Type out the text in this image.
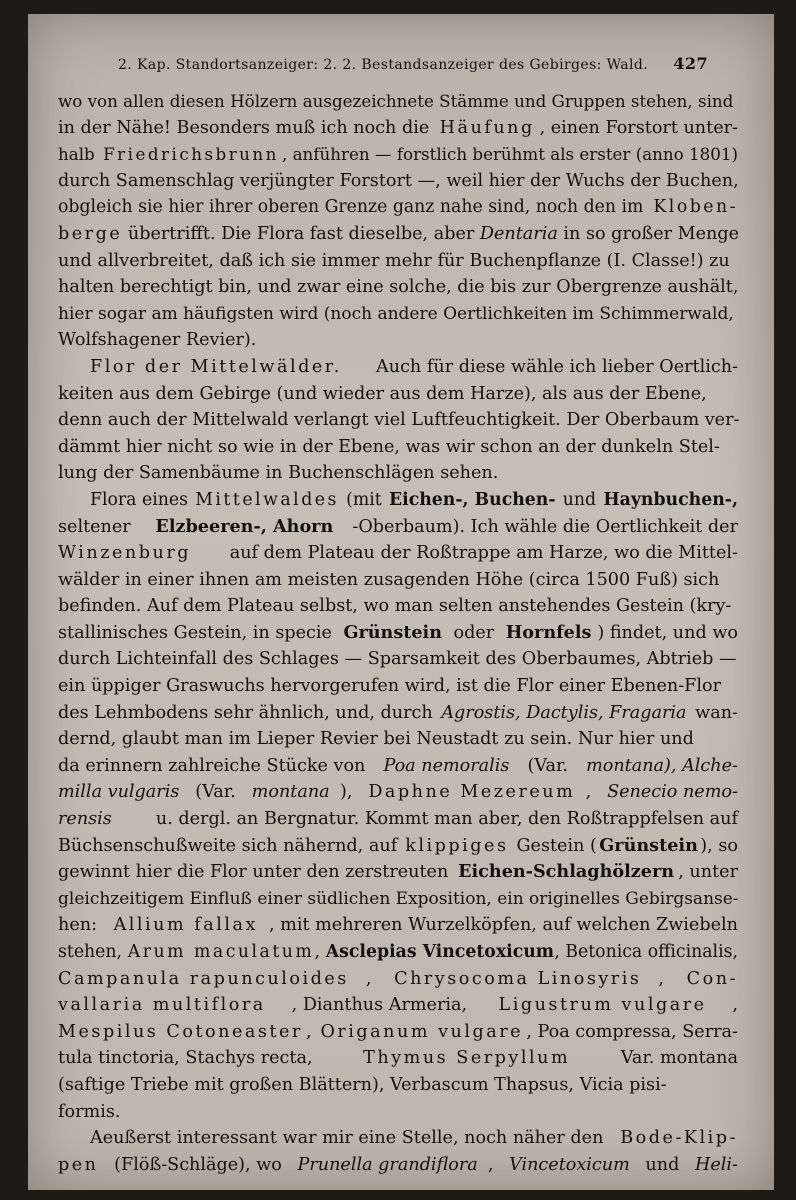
2. Kap. Standortsanzeiger: 2. 2. Bestandsanzeiger des Gebirges: Wald. 427
wo von allen diesen Hölzern ausgezeichnete Stämme und Gruppen stehen, sind
in der Nähe! Besonders muß ich noch die Häufung , einen Forstort unter-
halb Friedrichsbrunn , anführen — forstlich berühmt als erster (anno 1801)
durch Samenschlag verjüngter Forstort —, weil hier der Wuchs der Buchen,
obgleich sie hier ihrer oberen Grenze ganz nahe sind, noch den im Kloben-
berge übertrifft. Die Flora fast dieselbe, aber Dentaria in so großer Menge
und allverbreitet, daß ich sie immer mehr für Buchenpflanze (I. Classe!) zu
halten berechtigt bin, und zwar eine solche, die bis zur Obergrenze aushält,
hier sogar am häufigsten wird (noch andere Oertlichkeiten im Schimmerwald,
Wolfshagener Revier).
Flor der Mittelwälder. Auch für diese wähle ich lieber Oertlich-
keiten aus dem Gebirge (und wieder aus dem Harze), als aus der Ebene,
denn auch der Mittelwald verlangt viel Luftfeuchtigkeit. Der Oberbaum ver-
dämmt hier nicht so wie in der Ebene, was wir schon an der dunkeln Stel-
lung der Samenbäume in Buchenschlägen sehen.
Flora eines Mittelwaldes (mit Eichen-, Buchen- und Haynbuchen-,
seltener Elzbeeren-, Ahorn -Oberbaum). Ich wähle die Oertlichkeit der
Winzenburg auf dem Plateau der Roßtrappe am Harze, wo die Mittel-
wälder in einer ihnen am meisten zusagenden Höhe (circa 1500 Fuß) sich
befinden. Auf dem Plateau selbst, wo man selten anstehendes Gestein (kry-
stallinisches Gestein, in specie Grünstein oder Hornfels ) findet, und wo
durch Lichteinfall des Schlages — Sparsamkeit des Oberbaumes, Abtrieb —
ein üppiger Graswuchs hervorgerufen wird, ist die Flor einer Ebenen-Flor
des Lehmbodens sehr ähnlich, und, durch Agrostis, Dactylis, Fragaria wan-
dernd, glaubt man im Lieper Revier bei Neustadt zu sein. Nur hier und
da erinnern zahlreiche Stücke von Poa nemoralis (Var. montana), Alche-
milla vulgaris (Var. montana ), Daphne Mezereum , Senecio nemo-
rensis u. dergl. an Bergnatur. Kommt man aber, den Roßtrappfelsen auf
Büchsenschußweite sich nähernd, auf klippiges Gestein ( Grünstein ), so
gewinnt hier die Flor unter den zerstreuten Eichen-Schlaghölzern , unter
gleichzeitigem Einfluß einer südlichen Exposition, ein originelles Gebirgsanse-
hen: Allium fallax , mit mehreren Wurzelköpfen, auf welchen Zwiebeln
stehen, Arum maculatum , Asclepias Vincetoxicum , Betonica officinalis,
Campanula rapunculoides , Chrysocoma Linosyris , Con-
vallaria multiflora , Dianthus Armeria, Ligustrum vulgare ,
Mespilus Cotoneaster , Origanum vulgare , Poa compressa, Serra-
tula tinctoria, Stachys recta,	Thymus Serpyllum	Var. montana
(saftige Triebe mit großen Blättern), Verbascum Thapsus, Vicia pisi-
formis.
Aeußerst interessant war mir eine Stelle, noch näher den Bode-Klip-
pen (Flöß-Schläge), wo Prunella grandiflora , Vincetoxicum und Heli-
